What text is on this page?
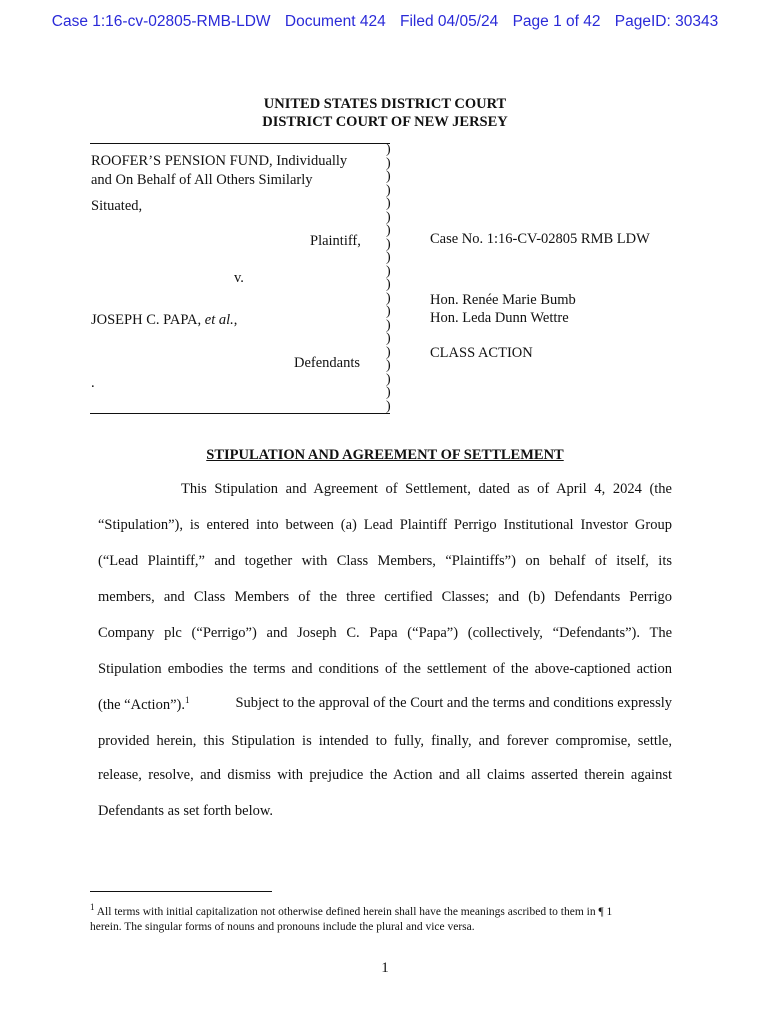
Case 1:16-cv-02805-RMB-LDW Document 424 Filed 04/05/24 Page 1 of 42 PageID: 30343
UNITED STATES DISTRICT COURT
DISTRICT COURT OF NEW JERSEY
ROOFER’S PENSION FUND, Individually
and On Behalf of All Others Similarly
Situated,
Plaintiff,
v.
JOSEPH C. PAPA, et al.,
Defendants
.
)
)
)
)
)
)
)
)
)
)
)
)
)
)
)
)
)
)
)
)
Case No. 1:16-CV-02805 RMB LDW
Hon. Renée Marie Bumb
Hon. Leda Dunn Wettre
CLASS ACTION
STIPULATION AND AGREEMENT OF SETTLEMENT
This Stipulation and Agreement of Settlement, dated as of April 4, 2024 (the
“Stipulation”), is entered into between (a) Lead Plaintiff Perrigo Institutional Investor Group
(“Lead Plaintiff,” and together with Class Members, “Plaintiffs”) on behalf of itself, its
members, and Class Members of the three certified Classes; and (b) Defendants Perrigo
Company plc (“Perrigo”) and Joseph C. Papa (“Papa”) (collectively, “Defendants”). The
Stipulation embodies the terms and conditions of the settlement of the above-captioned action
(the “Action”).$^1$	Subject to the approval of the Court and the terms and conditions expressly
provided herein, this Stipulation is intended to fully, finally, and forever compromise, settle,
release, resolve, and dismiss with prejudice the Action and all claims asserted therein against
Defendants as set forth below.
$^1$ All terms with initial capitalization not otherwise defined herein shall have the meanings ascribed to them in ¶ 1
herein. The singular forms of nouns and pronouns include the plural and vice versa.
1
